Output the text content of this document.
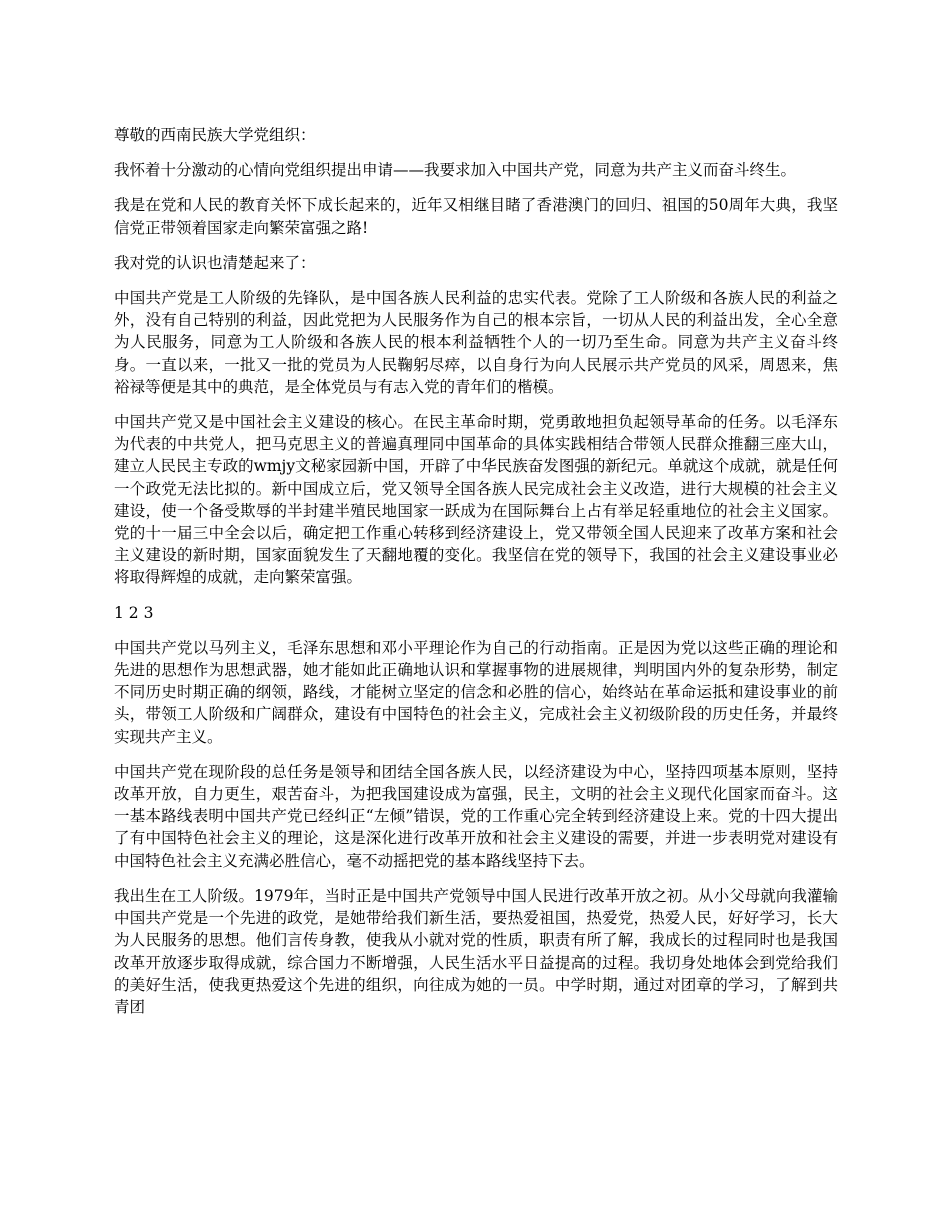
尊敬的西南民族大学党组织：

我怀着十分激动的心情向党组织提出申请——我要求加入中国共产党，同意为共产主义而奋斗终生。

我是在党和人民的教育关怀下成长起来的，近年又相继目睹了香港澳门的回归、祖国的50周年大典，我坚信党正带领着国家走向繁荣富强之路!

我对党的认识也清楚起来了：

中国共产党是工人阶级的先锋队，是中国各族人民利益的忠实代表。党除了工人阶级和各族人民的利益之外，没有自己特别的利益，因此党把为人民服务作为自己的根本宗旨，一切从人民的利益出发，全心全意为人民服务，同意为工人阶级和各族人民的根本利益牺牲个人的一切乃至生命。同意为共产主义奋斗终身。一直以来，一批又一批的党员为人民鞠躬尽瘁，以自身行为向人民展示共产党员的风采，周恩来，焦裕禄等便是其中的典范，是全体党员与有志入党的青年们的楷模。

中国共产党又是中国社会主义建设的核心。在民主革命时期，党勇敢地担负起领导革命的任务。以毛泽东为代表的中共党人，把马克思主义的普遍真理同中国革命的具体实践相结合带领人民群众推翻三座大山，建立人民民主专政的wmjy文秘家园新中国，开辟了中华民族奋发图强的新纪元。单就这个成就，就是任何一个政党无法比拟的。新中国成立后，党又领导全国各族人民完成社会主义改造，进行大规模的社会主义建设，使一个备受欺辱的半封建半殖民地国家一跃成为在国际舞台上占有举足轻重地位的社会主义国家。党的十一届三中全会以后，确定把工作重心转移到经济建设上，党又带领全国人民迎来了改革方案和社会主义建设的新时期，国家面貌发生了天翻地覆的变化。我坚信在党的领导下，我国的社会主义建设事业必将取得辉煌的成就，走向繁荣富强。

1 2 3

中国共产党以马列主义，毛泽东思想和邓小平理论作为自己的行动指南。正是因为党以这些正确的理论和先进的思想作为思想武器，她才能如此正确地认识和掌握事物的进展规律，判明国内外的复杂形势，制定不同历史时期正确的纲领，路线，才能树立坚定的信念和必胜的信心，始终站在革命运抵和建设事业的前头，带领工人阶级和广阔群众，建设有中国特色的社会主义，完成社会主义初级阶段的历史任务，并最终实现共产主义。

中国共产党在现阶段的总任务是领导和团结全国各族人民，以经济建设为中心，坚持四项基本原则，坚持改革开放，自力更生，艰苦奋斗，为把我国建设成为富强，民主，文明的社会主义现代化国家而奋斗。这一基本路线表明中国共产党已经纠正“左倾”错误，党的工作重心完全转到经济建设上来。党的十四大提出了有中国特色社会主义的理论，这是深化进行改革开放和社会主义建设的需要，并进一步表明党对建设有中国特色社会主义充满必胜信心，毫不动摇把党的基本路线坚持下去。

我出生在工人阶级。1979年，当时正是中国共产党领导中国人民进行改革开放之初。从小父母就向我灌输中国共产党是一个先进的政党，是她带给我们新生活，要热爱祖国，热爱党，热爱人民，好好学习，长大为人民服务的思想。他们言传身教，使我从小就对党的性质，职责有所了解，我成长的过程同时也是我国改革开放逐步取得成就，综合国力不断增强，人民生活水平日益提高的过程。我切身处地体会到党给我们的美好生活，使我更热爱这个先进的组织，向往成为她的一员。中学时期，通过对团章的学习，了解到共青团
